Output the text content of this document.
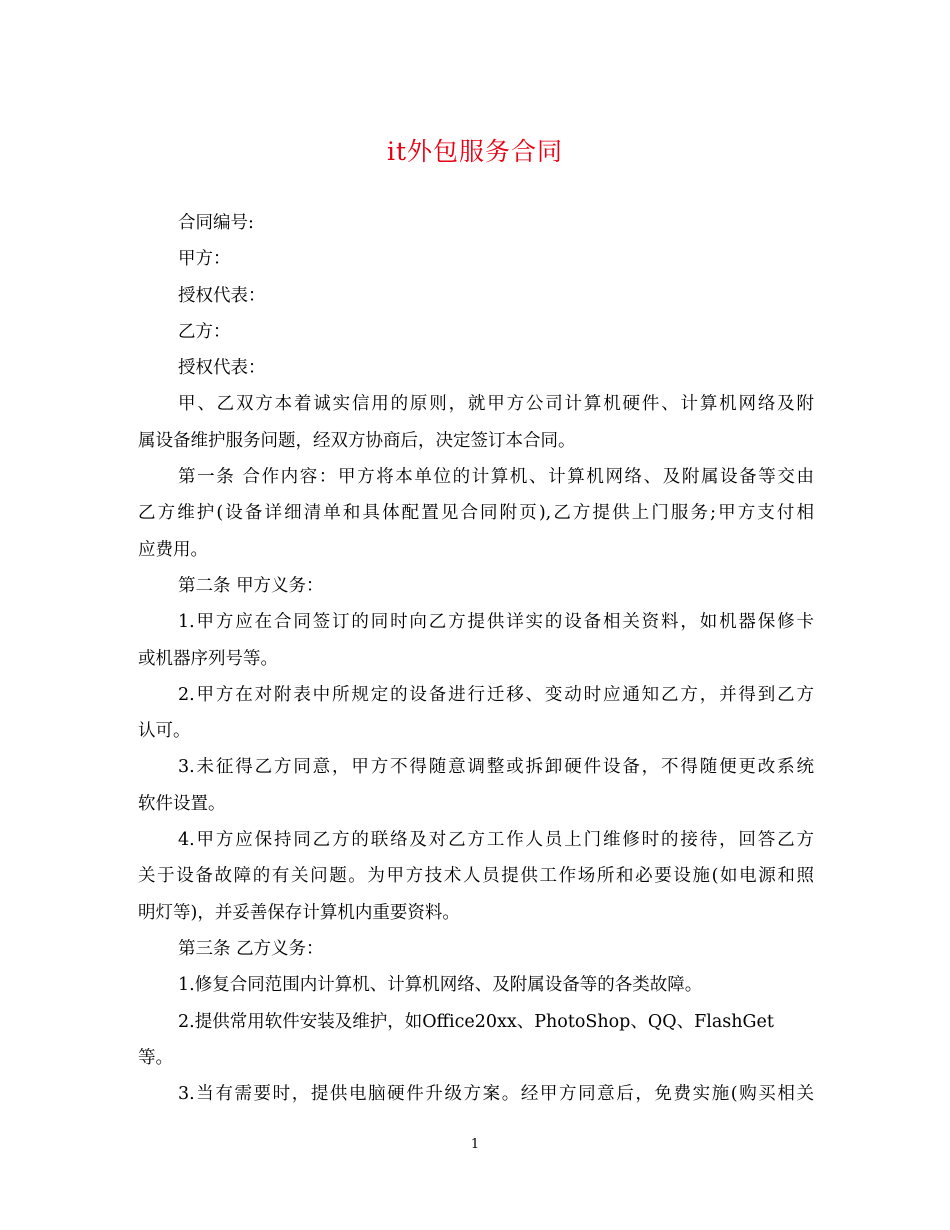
it外包服务合同
合同编号:
甲方：
授权代表：
乙方：
授权代表：
甲、乙双方本着诚实信用的原则，就甲方公司计算机硬件、计算机网络及附
属设备维护服务问题，经双方协商后，决定签订本合同。
第一条 合作内容：甲方将本单位的计算机、计算机网络、及附属设备等交由
乙方维护(设备详细清单和具体配置见合同附页),乙方提供上门服务;甲方支付相
应费用。
第二条 甲方义务：
1.甲方应在合同签订的同时向乙方提供详实的设备相关资料，如机器保修卡
或机器序列号等。
2.甲方在对附表中所规定的设备进行迁移、变动时应通知乙方，并得到乙方
认可。
3.未征得乙方同意，甲方不得随意调整或拆卸硬件设备，不得随便更改系统
软件设置。
4.甲方应保持同乙方的联络及对乙方工作人员上门维修时的接待，回答乙方
关于设备故障的有关问题。为甲方技术人员提供工作场所和必要设施(如电源和照
明灯等)，并妥善保存计算机内重要资料。
第三条 乙方义务：
1.修复合同范围内计算机、计算机网络、及附属设备等的各类故障。
2.提供常用软件安装及维护，如Office20xx、PhotoShop、QQ、FlashGet
等。
3.当有需要时，提供电脑硬件升级方案。经甲方同意后，免费实施(购买相关
1
